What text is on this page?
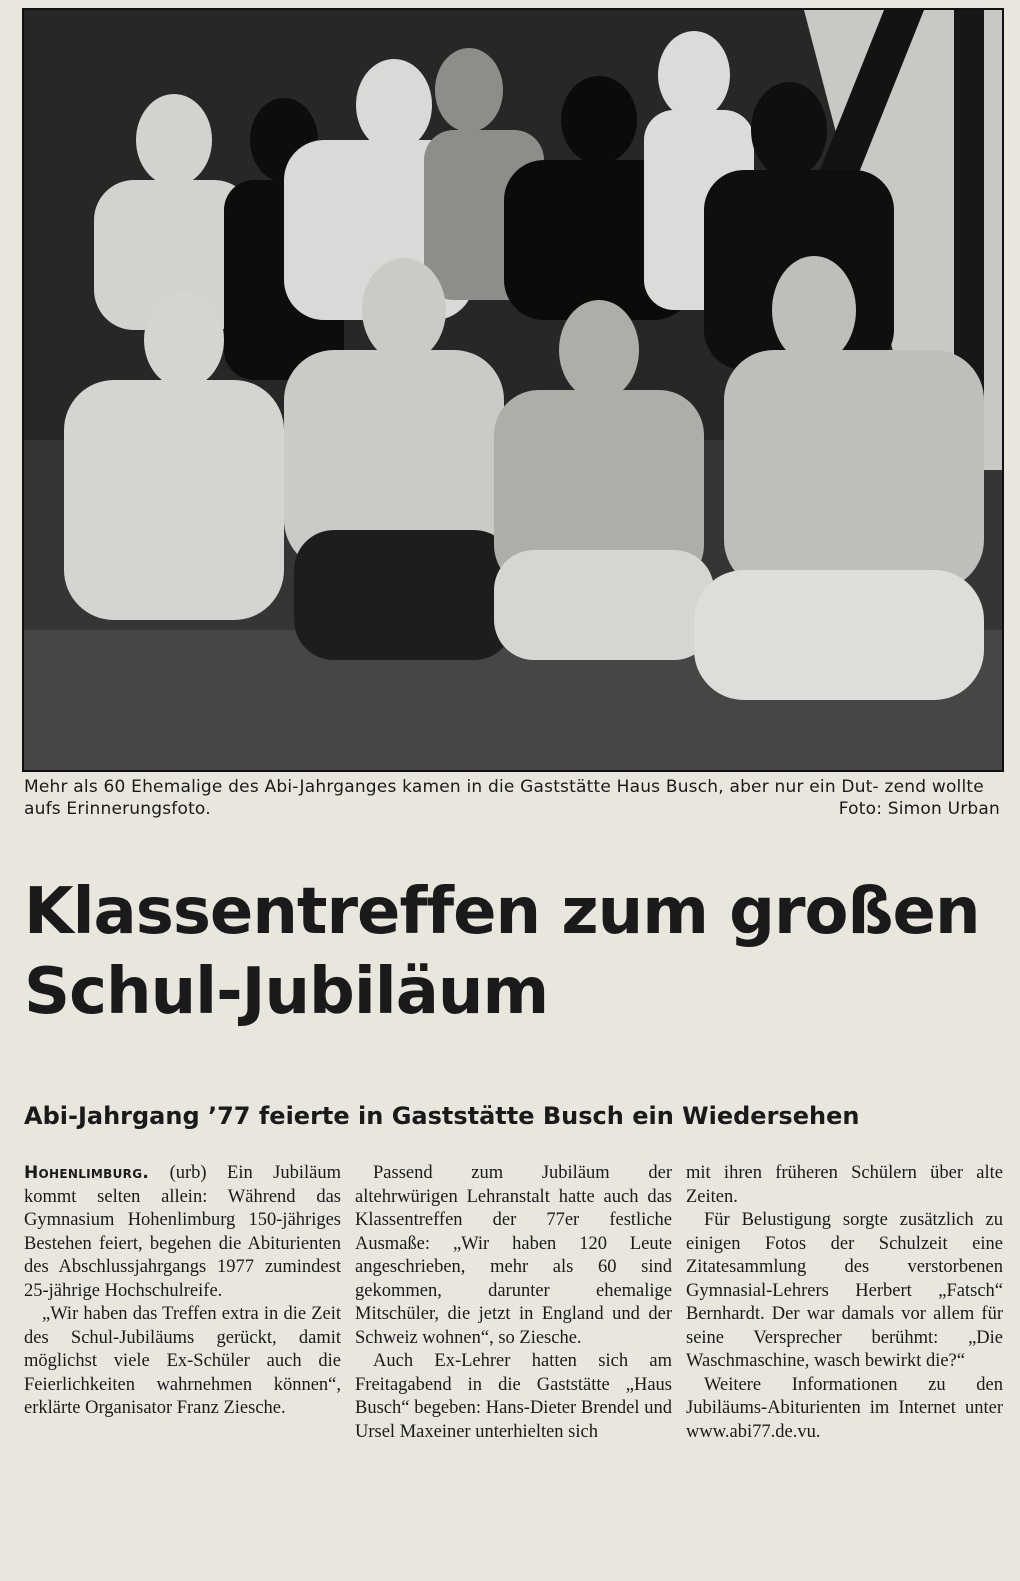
Mehr als 60 Ehemalige des Abi-Jahrganges kamen in die Gaststätte Haus Busch, aber nur ein Dut- zend wollte aufs Erinnerungsfoto.	Foto: Simon Urban
Klassentreffen zum großen Schul-Jubiläum
Abi-Jahrgang ’77 feierte in Gaststätte Busch ein Wiedersehen

Hohenlimburg. (urb) Ein Jubiläum kommt selten allein: Während das Gymnasium Hohenlimburg 150-jähriges Bestehen feiert, begehen die Abiturienten des Abschlussjahrgangs 1977 zumindest 25-jährige Hochschulreife.

„Wir haben das Treffen extra in die Zeit des Schul-Jubiläums gerückt, damit möglichst viele Ex-Schüler auch die Feierlichkeiten wahrnehmen können“, erklärte Organisator Franz Ziesche.

Passend zum Jubiläum der altehrwürigen Lehranstalt hatte auch das Klassentreffen der 77er festliche Ausmaße: „Wir haben 120 Leute angeschrieben, mehr als 60 sind gekommen, darunter ehemalige Mitschüler, die jetzt in England und der Schweiz wohnen“, so Ziesche.

Auch Ex-Lehrer hatten sich am Freitagabend in die Gaststätte „Haus Busch“ begeben: Hans-Dieter Brendel und Ursel Maxeiner unterhielten sich

mit ihren früheren Schülern über alte Zeiten.

Für Belustigung sorgte zusätzlich zu einigen Fotos der Schulzeit eine Zitatesammlung des verstorbenen Gymnasial-Lehrers Herbert „Fatsch“ Bernhardt. Der war damals vor allem für seine Versprecher berühmt: „Die Waschmaschine, wasch bewirkt die?“

Weitere Informationen zu den Jubiläums-Abiturienten im Internet unter www.abi77.de.vu.
